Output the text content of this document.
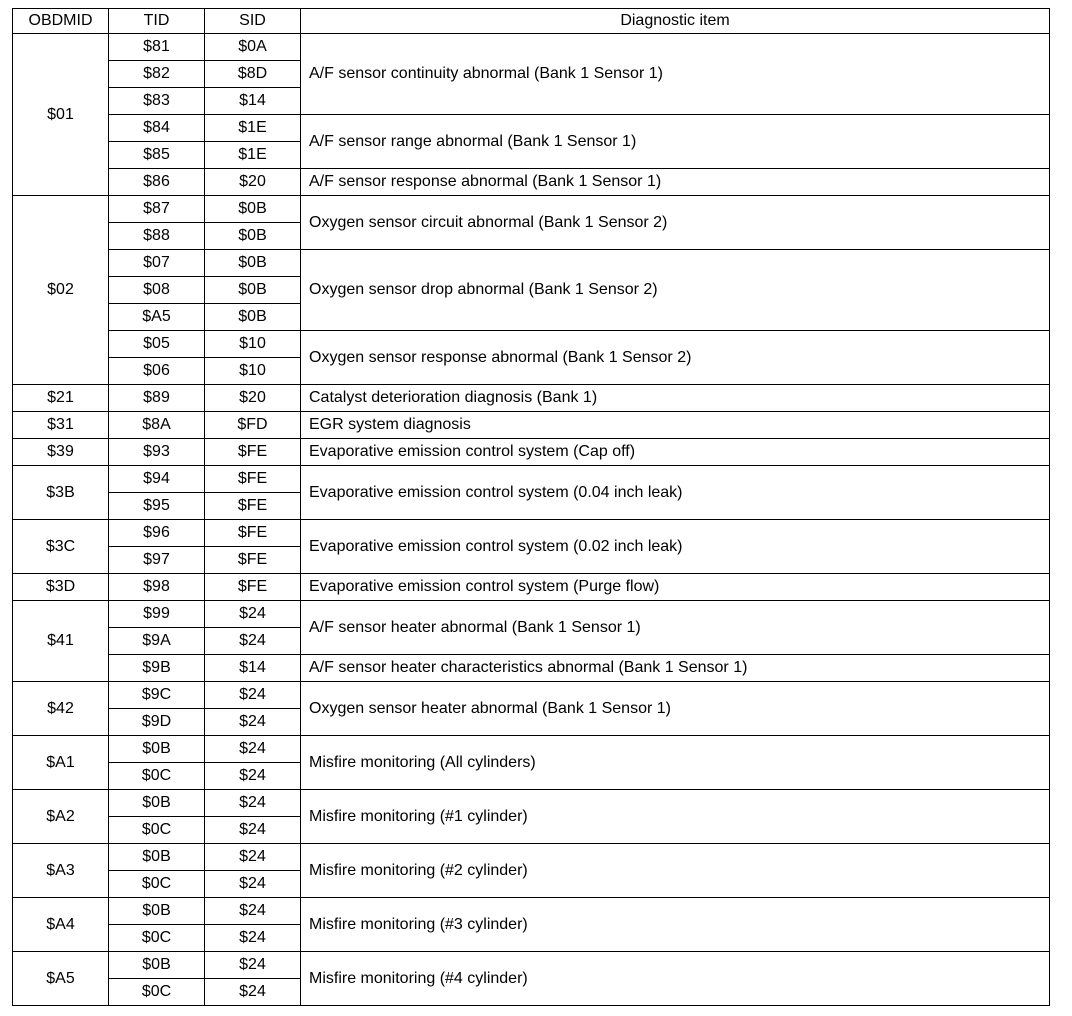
OBDMID	TID	SID	Diagnostic item
$01	$81	$0A	A/F sensor continuity abnormal (Bank 1 Sensor 1)
	$82	$8D	
	$83	$14	
	$84	$1E	A/F sensor range abnormal (Bank 1 Sensor 1)
	$85	$1E	
	$86	$20	A/F sensor response abnormal (Bank 1 Sensor 1)
$02	$87	$0B	Oxygen sensor circuit abnormal (Bank 1 Sensor 2)
	$88	$0B	
	$07	$0B	Oxygen sensor drop abnormal (Bank 1 Sensor 2)
	$08	$0B	
	$A5	$0B	
	$05	$10	Oxygen sensor response abnormal (Bank 1 Sensor 2)
	$06	$10	
$21	$89	$20	Catalyst deterioration diagnosis (Bank 1)
$31	$8A	$FD	EGR system diagnosis
$39	$93	$FE	Evaporative emission control system (Cap off)
$3B	$94	$FE	Evaporative emission control system (0.04 inch leak)
	$95	$FE	
$3C	$96	$FE	Evaporative emission control system (0.02 inch leak)
	$97	$FE	
$3D	$98	$FE	Evaporative emission control system (Purge flow)
$41	$99	$24	A/F sensor heater abnormal (Bank 1 Sensor 1)
	$9A	$24	
	$9B	$14	A/F sensor heater characteristics abnormal (Bank 1 Sensor 1)
$42	$9C	$24	Oxygen sensor heater abnormal (Bank 1 Sensor 1)
	$9D	$24	
$A1	$0B	$24	Misfire monitoring (All cylinders)
	$0C	$24	
$A2	$0B	$24	Misfire monitoring (#1 cylinder)
	$0C	$24	
$A3	$0B	$24	Misfire monitoring (#2 cylinder)
	$0C	$24	
$A4	$0B	$24	Misfire monitoring (#3 cylinder)
	$0C	$24	
$A5	$0B	$24	Misfire monitoring (#4 cylinder)
	$0C	$24	
